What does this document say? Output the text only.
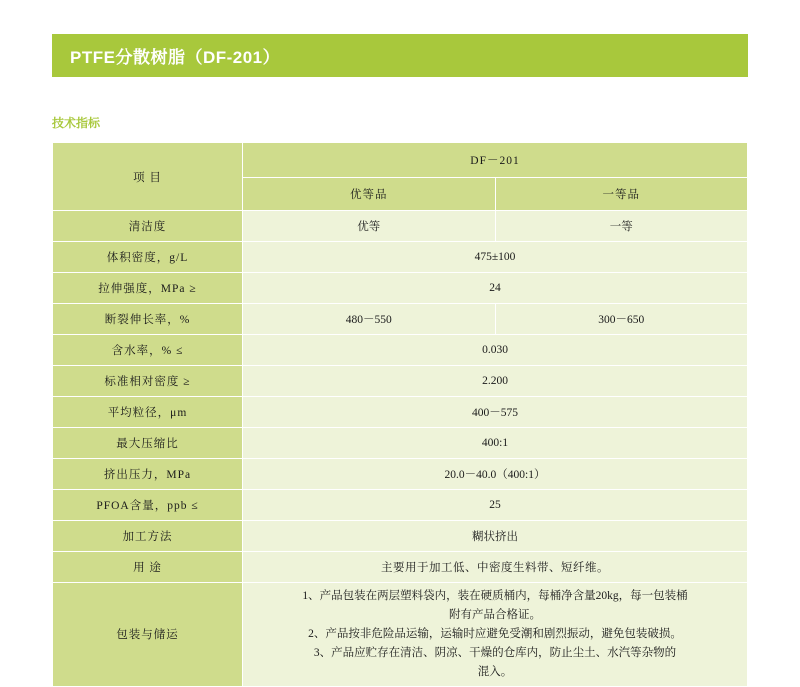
PTFE分散树脂（DF-201）
技术指标
项 目	DF－201	
	优等品	一等品
清洁度	优等	一等
体积密度，g/L	475±100	
拉伸强度，MPa ≥	24	
断裂伸长率，%	480－550	300－650
含水率，% ≤	0.030	
标准相对密度 ≥	2.200	
平均粒径，μm	400－575	
最大压缩比	400:1	
挤出压力，MPa	20.0－40.0（400:1）	
PFOA含量，ppb ≤	25	
加工方法	糊状挤出	
用 途	主要用于加工低、中密度生料带、短纤维。	
包装与储运	1、产品包装在两层塑料袋内，装在硬质桶内，每桶净含量20kg，每一包装桶
附有产品合格证。
2、产品按非危险品运输，运输时应避免受潮和剧烈振动，避免包装破损。
3、产品应贮存在清洁、阴凉、干燥的仓库内，防止尘土、水汽等杂物的
混入。	
